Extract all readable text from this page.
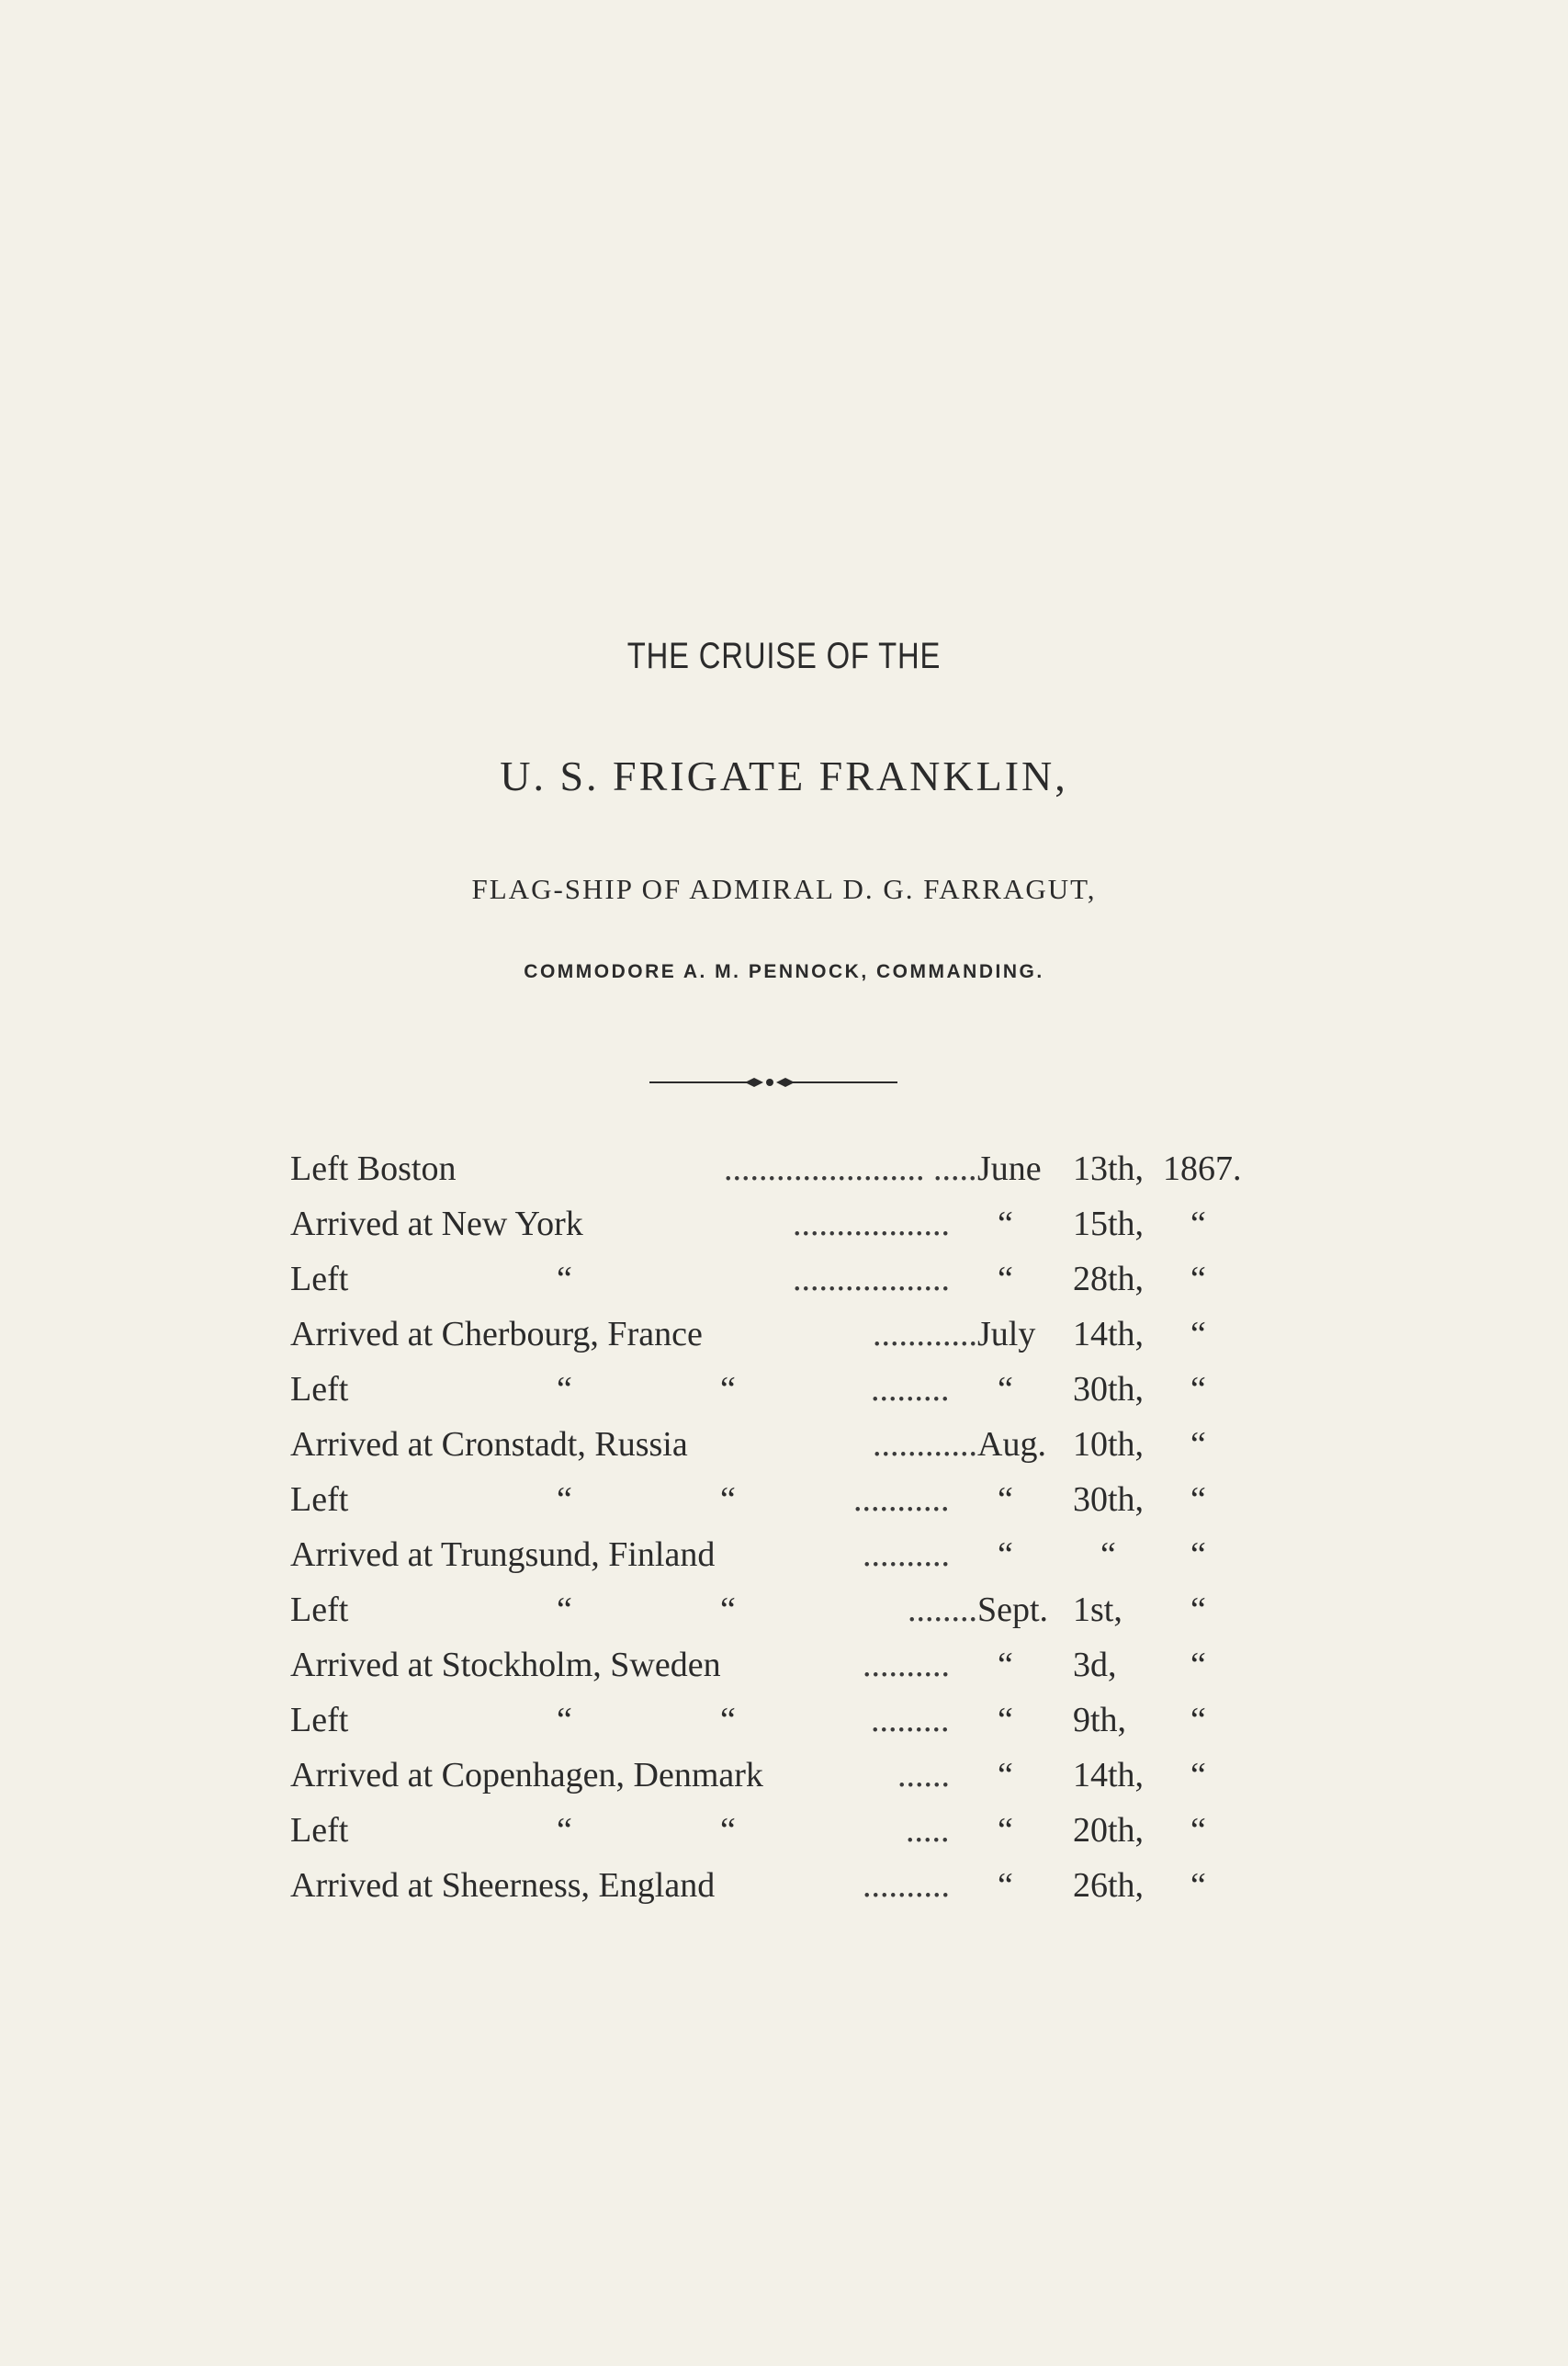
THE CRUISE OF THE
U. S. FRIGATE FRANKLIN,
FLAG-SHIP OF ADMIRAL D. G. FARRAGUT,
COMMODORE A. M. PENNOCK, COMMANDING.
Left Boston	....................... ..... June 13th, 1867.
Arrived at New York	.................. “ 15th, “
Left	“	.................. “ 28th, “
Arrived at Cherbourg, France	............ July 14th, “
Left	“	“	......... “ 30th, “
Arrived at Cronstadt, Russia	............ Aug. 10th, “
Left	“	“	........... “ 30th, “
Arrived at Trungsund, Finland	.......... “	“ “
Left	“	“	........ Sept. 1st, “
Arrived at Stockholm, Sweden	.......... “ 3d, “
Left	“	“	......... “ 9th, “
Arrived at Copenhagen, Denmark	...... “ 14th, “
Left	“	“	..... “ 20th, “
Arrived at Sheerness, England	.......... “ 26th, “
